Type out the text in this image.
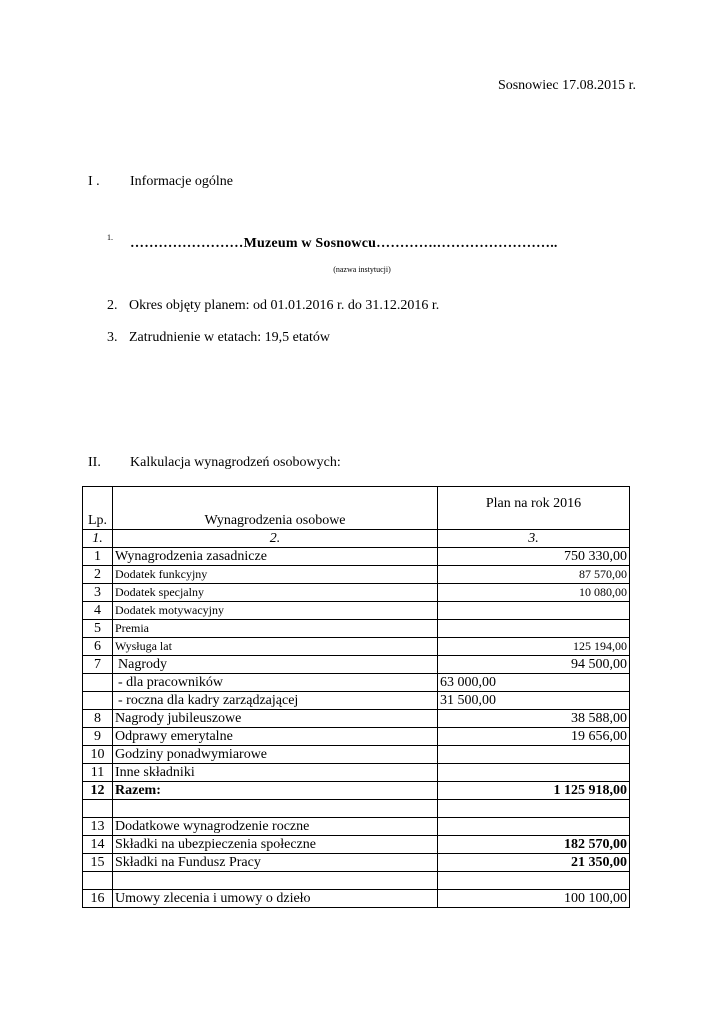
Sosnowiec 17.08.2015 r.
I . Informacje ogólne
1. ……………………Muzeum w Sosnowcu………….……………………..
(nazwa instytucji)
2. Okres objęty planem: od 01.01.2016 r. do 31.12.2016 r.
3. Zatrudnienie w etatach: 19,5 etatów
II. Kalkulacja wynagrodzeń osobowych:
Lp.	Wynagrodzenia osobowe	Plan na rok 2016
1.	2.	3.
1	Wynagrodzenia zasadnicze	750 330,00
2	Dodatek funkcyjny	87 570,00
3	Dodatek specjalny	10 080,00
4	Dodatek motywacyjny	
5	Premia	
6	Wysługa lat	125 194,00
7	Nagrody	94 500,00
	- dla pracowników	63 000,00
	- roczna dla kadry zarządzającej	31 500,00
8	Nagrody jubileuszowe	38 588,00
9	Odprawy emerytalne	19 656,00
10	Godziny ponadwymiarowe	
11	Inne składniki	
12	Razem:	1 125 918,00

13	Dodatkowe wynagrodzenie roczne	
14	Składki na ubezpieczenia społeczne	182 570,00
15	Składki na Fundusz Pracy	21 350,00

16	Umowy zlecenia i umowy o dzieło	100 100,00
